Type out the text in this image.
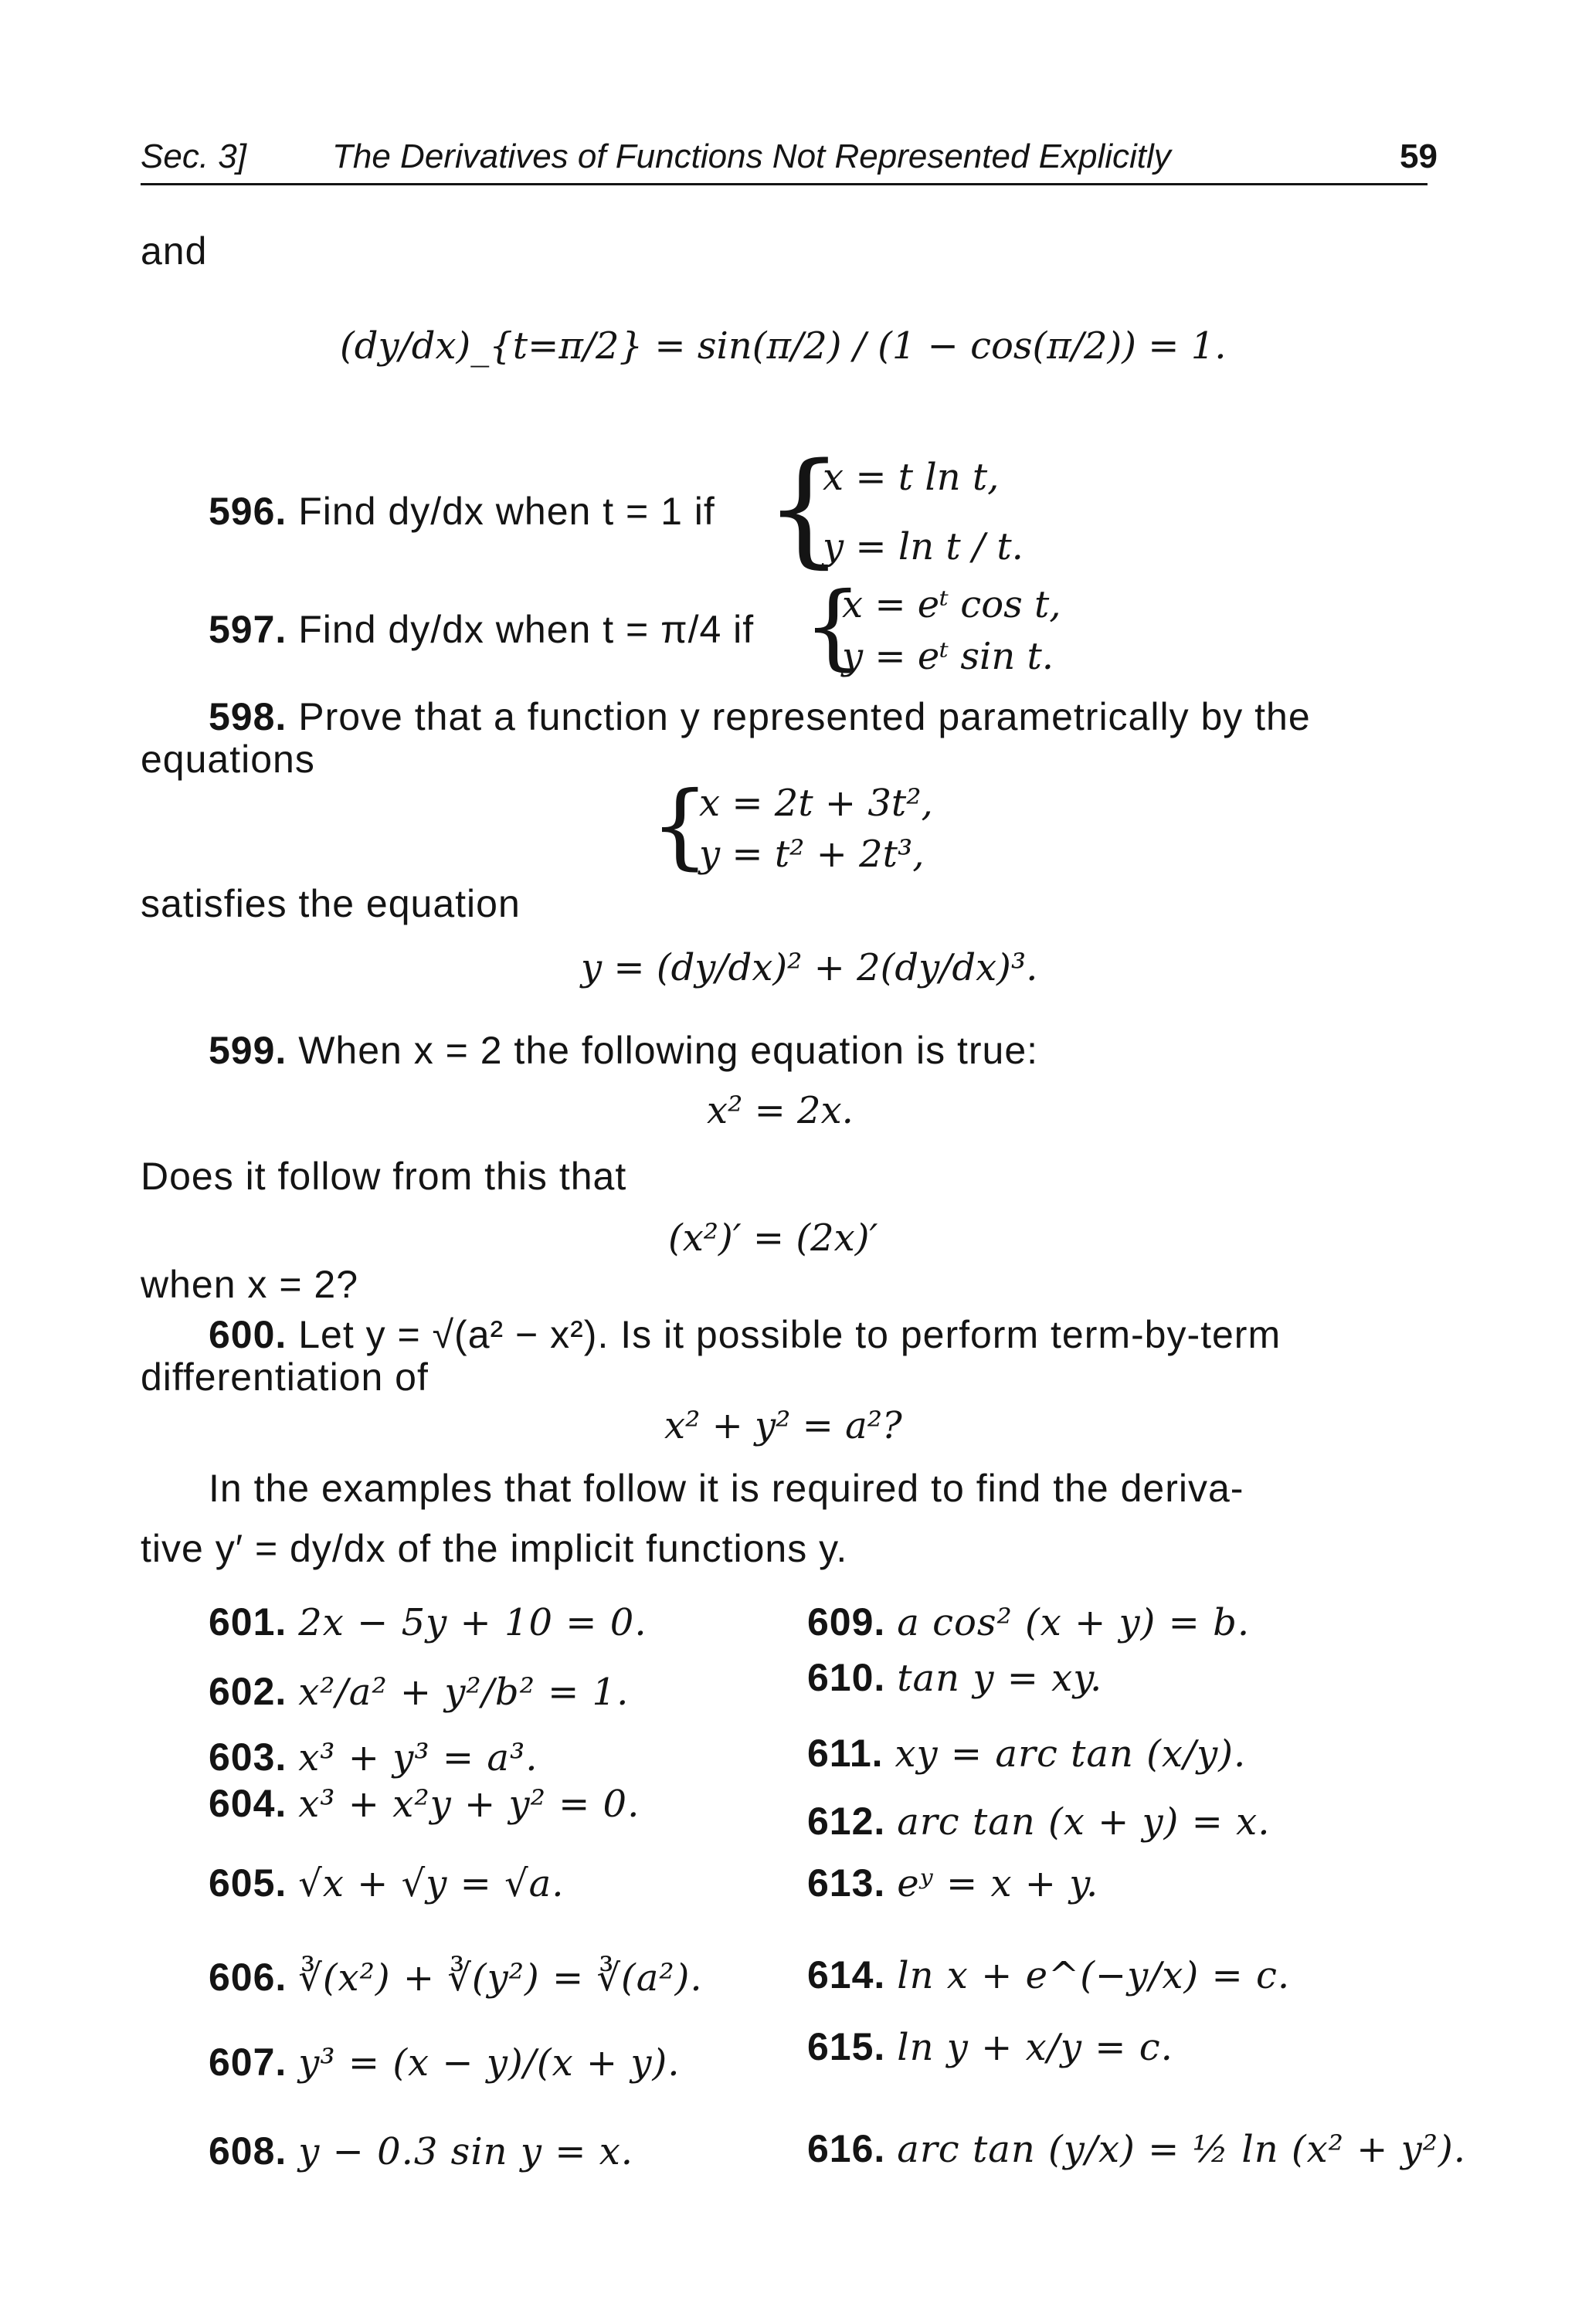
Sec. 3]	The Derivatives of Functions Not Represented Explicitly	59
and
(dy/dx)_{t=π/2} = sin(π/2) / (1 − cos(π/2)) = 1.
596. Find dy/dx when t = 1 if {
x = t ln t,
y = ln t / t.
597. Find dy/dx when t = π/4 if {
x = eᵗ cos t,
y = eᵗ sin t.
598. Prove that a function y represented parametrically by the
equations
{
x = 2t + 3t²,
y = t² + 2t³,
satisfies the equation
y = (dy/dx)² + 2(dy/dx)³.
599. When x = 2 the following equation is true:
x² = 2x.
Does it follow from this that
(x²)′ = (2x)′
when x = 2?
600. Let y = √(a² − x²). Is it possible to perform term-by-term
differentiation of
x² + y² = a²?
In the examples that follow it is required to find the deriva-
tive y′ = dy/dx of the implicit functions y.
601. 2x − 5y + 10 = 0.
602. x²/a² + y²/b² = 1.
603. x³ + y³ = a³.
604. x³ + x²y + y² = 0.
605. √x + √y = √a.
606. ∛(x²) + ∛(y²) = ∛(a²).
607. y³ = (x − y)/(x + y).
608. y − 0.3 sin y = x.
609. a cos² (x + y) = b.
610. tan y = xy.
611. xy = arc tan (x/y).
612. arc tan (x + y) = x.
613. eʸ = x + y.
614. ln x + e^(−y/x) = c.
615. ln y + x/y = c.
616. arc tan (y/x) = ½ ln (x² + y²).
